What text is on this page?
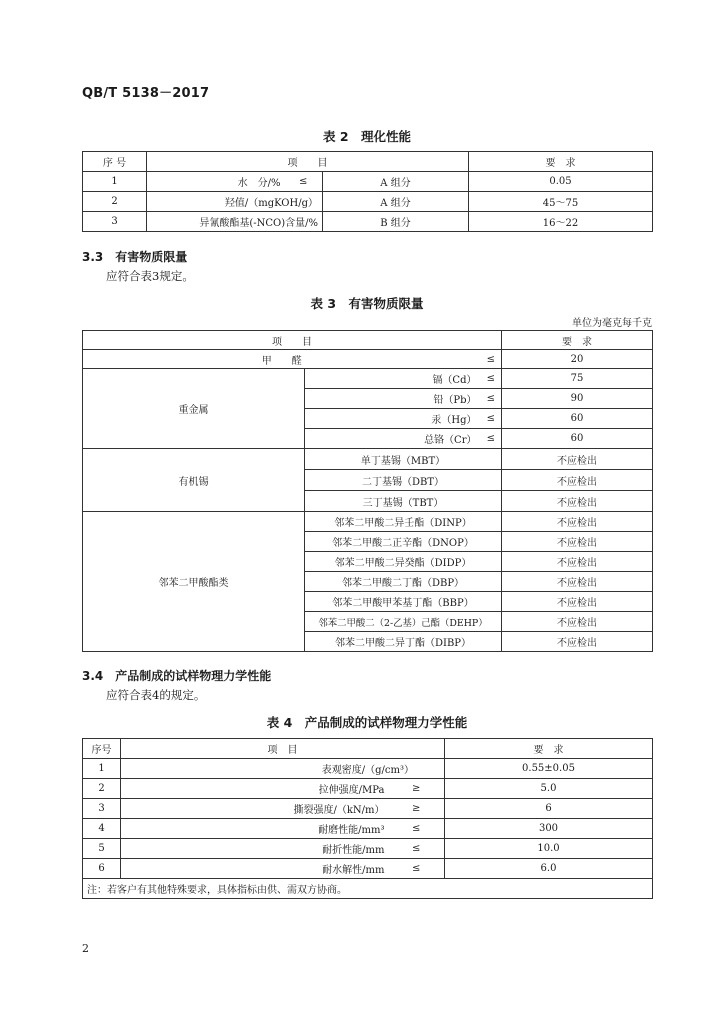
QB/T 5138－2017
表 2　理化性能
序 号	项　　目			要　求
1	水　分/%	≤	A 组分	0.05
2	羟值/（mgKOH/g）		A 组分	45～75
3	异氰酸酯基(-NCO)含量/%		B 组分	16～22
3.3　有害物质限量
应符合表3规定。
表 3　有害物质限量
单位为毫克每千克
项　　目			要　求
甲　　醛		≤	20
重金属	镉（Cd）	≤	75
	铅（Pb）	≤	90
	汞（Hg）	≤	60
	总铬（Cr）	≤	60
有机锡	单丁基锡（MBT）		不应检出
	二丁基锡（DBT）		不应检出
	三丁基锡（TBT）		不应检出
邻苯二甲酸酯类	邻苯二甲酸二异壬酯（DINP）		不应检出
	邻苯二甲酸二正辛酯（DNOP）		不应检出
	邻苯二甲酸二异癸酯（DIDP）		不应检出
	邻苯二甲酸二丁酯（DBP）		不应检出
	邻苯二甲酸甲苯基丁酯（BBP）		不应检出
	邻苯二甲酸二（2-乙基）己酯（DEHP）		不应检出
	邻苯二甲酸二异丁酯（DIBP）		不应检出
3.4　产品制成的试样物理力学性能
应符合表4的规定。
表 4　产品制成的试样物理力学性能
序号	项　目		要　求
1	表观密度/（g/cm³）		0.55±0.05
2	拉伸强度/MPa	≥	5.0
3	撕裂强度/（kN/m）	≥	6
4	耐磨性能/mm³	≤	300
5	耐折性能/mm	≤	10.0
6	耐水解性/mm	≤	6.0
注：若客户有其他特殊要求，具体指标由供、需双方协商。			
2
